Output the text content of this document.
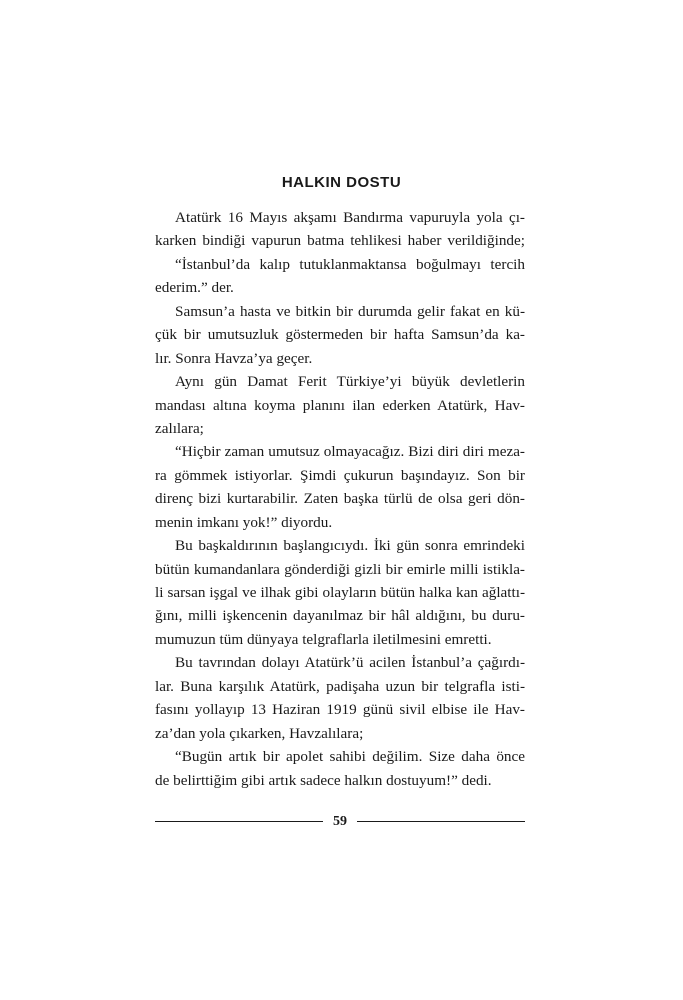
HALKIN DOSTU
Atatürk 16 Mayıs akşamı Bandırma vapuruyla yola çı-
karken bindiği vapurun batma tehlikesi haber verildiğinde;
“İstanbul’da kalıp tutuklanmaktansa boğulmayı tercih
ederim.” der.
Samsun’a hasta ve bitkin bir durumda gelir fakat en kü-
çük bir umutsuzluk göstermeden bir hafta Samsun’da ka-
lır. Sonra Havza’ya geçer.
Aynı gün Damat Ferit Türkiye’yi büyük devletlerin
mandası altına koyma planını ilan ederken Atatürk, Hav-
zalılara;
“Hiçbir zaman umutsuz olmayacağız. Bizi diri diri meza-
ra gömmek istiyorlar. Şimdi çukurun başındayız. Son bir
direnç bizi kurtarabilir. Zaten başka türlü de olsa geri dön-
menin imkanı yok!” diyordu.
Bu başkaldırının başlangıcıydı. İki gün sonra emrindeki
bütün kumandanlara gönderdiği gizli bir emirle milli istikla-
li sarsan işgal ve ilhak gibi olayların bütün halka kan ağlattı-
ğını, milli işkencenin dayanılmaz bir hâl aldığını, bu duru-
mumuzun tüm dünyaya telgraflarla iletilmesini emretti.
Bu tavrından dolayı Atatürk’ü acilen İstanbul’a çağırdı-
lar. Buna karşılık Atatürk, padişaha uzun bir telgrafla isti-
fasını yollayıp 13 Haziran 1919 günü sivil elbise ile Hav-
za’dan yola çıkarken, Havzalılara;
“Bugün artık bir apolet sahibi değilim. Size daha önce
de belirttiğim gibi artık sadece halkın dostuyum!” dedi.
59
